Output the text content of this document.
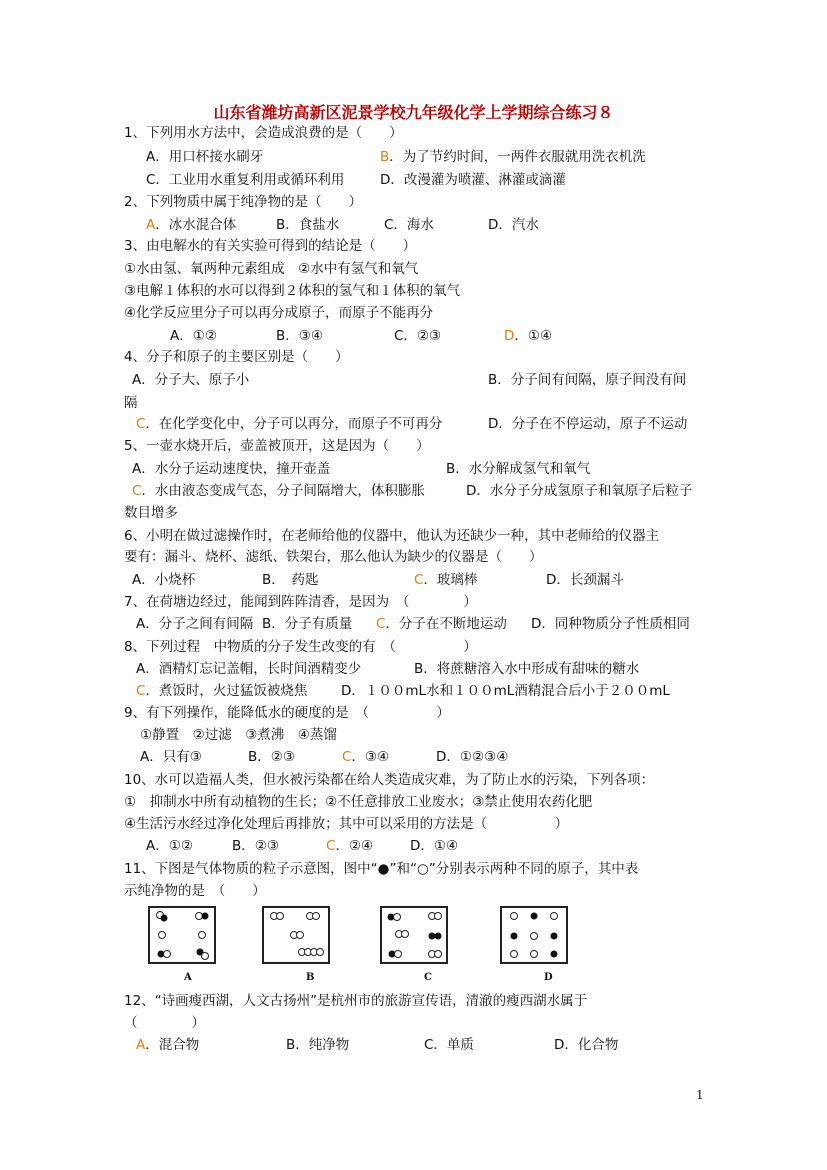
山东省潍坊高新区泥景学校九年级化学上学期综合练习８
1、下列用水方法中，会造成浪费的是（　　）
A．用口杯接水刷牙	B．为了节约时间，一两件衣服就用洗衣机洗
C．工业用水重复利用或循环利用	D．改漫灌为喷灌、淋灌或滴灌
2、下列物质中属于纯净物的是（　　）
A．冰水混合体	B．食盐水	C．海水	D．汽水
3、由电解水的有关实验可得到的结论是（　　）
①水由氢、氧两种元素组成　②水中有氢气和氧气
③电解１体积的水可以得到２体积的氢气和１体积的氧气
④化学反应里分子可以再分成原子，而原子不能再分
A．①②	B．③④	C．②③	D．①④
4、分子和原子的主要区别是（　　）
A．分子大、原子小	B．分子间有间隔，原子间没有间
隔
C．在化学变化中，分子可以再分，而原子不可再分	D．分子在不停运动，原子不运动
5、一壶水烧开后，壶盖被顶开，这是因为（　　）
A．水分子运动速度快，撞开壶盖	B．水分解成氢气和氧气
C．水由液态变成气态，分子间隔增大，体积膨胀	D．水分子分成氢原子和氧原子后粒子
数目增多
6、小明在做过滤操作时，在老师给他的仪器中，他认为还缺少一种，其中老师给的仪器主
要有：漏斗、烧杯、滤纸、铁架台，那么他认为缺少的仪器是（　　）
A．小烧杯	B．　药匙	C．玻璃棒	D．长颈漏斗
7、在荷塘边经过，能闻到阵阵清香，是因为　（　　　　）
A．分子之间有间隔 B．分子有质量 C．分子在不断地运动 D．同种物质分子性质相同
8、下列过程　中物质的分子发生改变的有　（　　　　　）
A．酒精灯忘记盖帽，长时间酒精变少	B．将蔗糖溶入水中形成有甜味的糖水
C．煮饭时，火过猛饭被烧焦 D．１００mL水和１００mL酒精混合后小于２００mL
9、有下列操作，能降低水的硬度的是　（　　　　　）
①静置　②过滤　③煮沸　④蒸馏
A．只有③	B．②③	C．③④	D．①②③④
10、水可以造福人类，但水被污染都在给人类造成灾难，为了防止水的污染，下列各项：
①　抑制水中所有动植物的生长；②不任意排放工业废水；③禁止使用农药化肥
④生活污水经过净化处理后再排放；其中可以采用的方法是（　　　　　）
A．①②	B．②③	C．②④	D．①④
11、下图是气体物质的粒子示意图，图中“●”和“○”分别表示两种不同的原子，其中表
示纯净物的是　（　　）
A	B	C	D
12、“诗画瘦西湖，人文古扬州”是杭州市的旅游宣传语，清澈的瘦西湖水属于
（　　　　）
A．混合物	B．纯净物	C．单质	D．化合物
1
